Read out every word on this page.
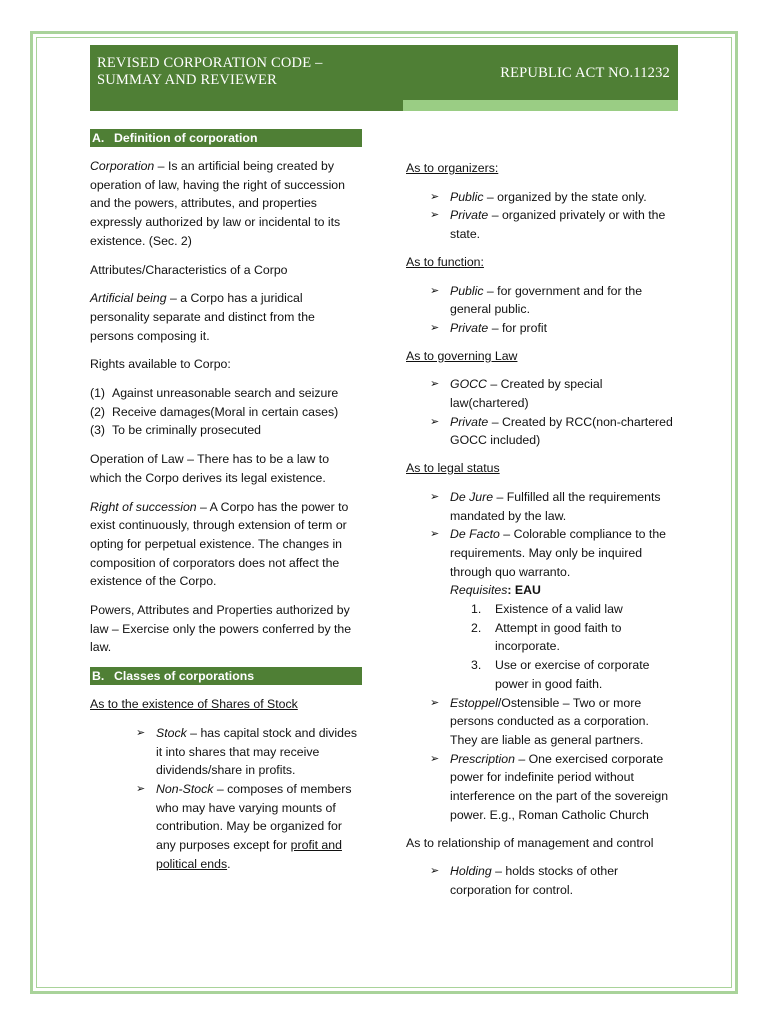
REVISED CORPORATION CODE –
SUMMAY AND REVIEWER	REPUBLIC ACT NO.11232
A. Definition of corporation

Corporation – Is an artificial being created by operation of law, having the right of succession and the powers, attributes, and properties expressly authorized by law or incidental to its existence. (Sec. 2)

Attributes/Characteristics of a Corpo

Artificial being – a Corpo has a juridical personality separate and distinct from the persons composing it.

Rights available to Corpo:

(1) Against unreasonable search and seizure
(2) Receive damages(Moral in certain cases)
(3) To be criminally prosecuted

Operation of Law – There has to be a law to which the Corpo derives its legal existence.

Right of succession – A Corpo has the power to exist continuously, through extension of term or opting for perpetual existence. The changes in composition of corporators does not affect the existence of the Corpo.

Powers, Attributes and Properties authorized by law – Exercise only the powers conferred by the law.

B. Classes of corporations
As to the existence of Shares of Stock
➢ Stock – has capital stock and divides it into shares that may receive dividends/share in profits.
➢ Non-Stock – composes of members who may have varying mounts of contribution. May be organized for any purposes except for profit and political ends.
As to organizers:
➢ Public – organized by the state only.
➢ Private – organized privately or with the state.
As to function:
➢ Public – for government and for the general public.
➢ Private – for profit
As to governing Law
➢ GOCC – Created by special law(chartered)
➢ Private – Created by RCC(non-chartered GOCC included)
As to legal status
➢ De Jure – Fulfilled all the requirements mandated by the law.
➢ De Facto – Colorable compliance to the requirements. May only be inquired through quo warranto.
Requisites: EAU
1.	Existence of a valid law
2.	Attempt in good faith to incorporate.
3.	Use or exercise of corporate power in good faith.
➢ Estoppel/Ostensible – Two or more persons conducted as a corporation. They are liable as general partners.
➢ Prescription – One exercised corporate power for indefinite period without interference on the part of the sovereign power. E.g., Roman Catholic Church
As to relationship of management and control
➢ Holding – holds stocks of other corporation for control.
